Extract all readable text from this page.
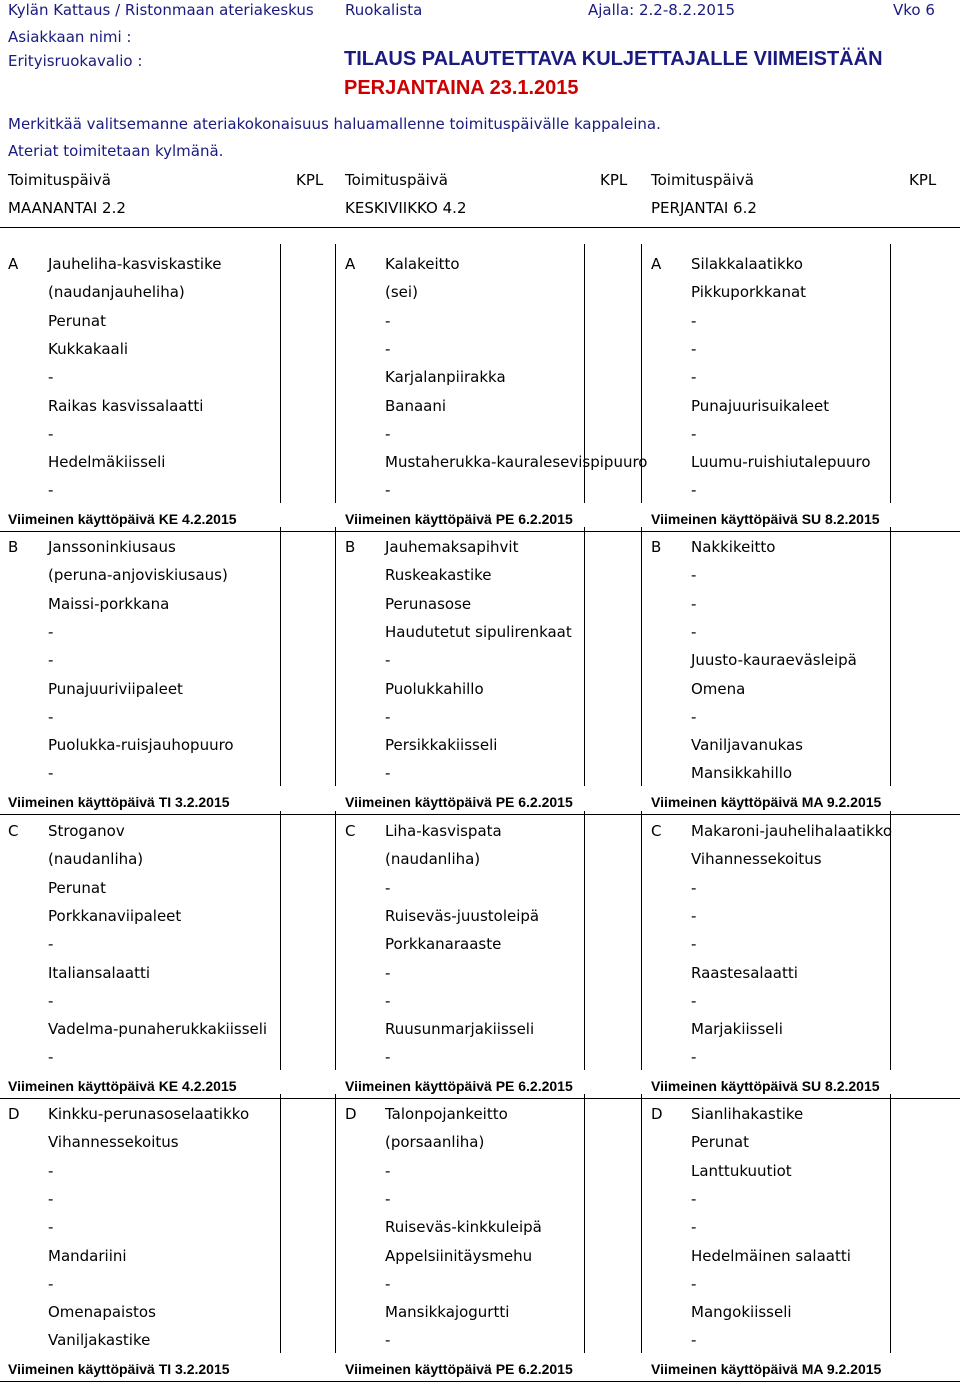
Kylän Kattaus / Ristonmaan ateriakeskus Ruokalista	Ajalla: 2.2-8.2.2015	Vko 6
Asiakkaan nimi :
Erityisruokavalio :	TILAUS PALAUTETTAVA KULJETTAJALLE VIIMEISTÄÄN
PERJANTAINA 23.1.2015
Merkitkää valitsemanne ateriakokonaisuus haluamallenne toimituspäivälle kappaleina.
Ateriat toimitetaan kylmänä.
Toimituspäivä	KPL
MAANANTAI 2.2
Toimituspäivä	KPL
KESKIVIIKKO 4.2
Toimituspäivä	KPL
PERJANTAI 6.2
A Jauheliha-kasviskastike
(naudanjauheliha)
Perunat
Kukkakaali
-
Raikas kasvissalaatti
-
Hedelmäkiisseli
-
Viimeinen käyttöpäivä KE 4.2.2015
A Kalakeitto
(sei)
-
-
Karjalanpiirakka
Banaani
-
Mustaherukka-kauralesevispipuuro
-
Viimeinen käyttöpäivä PE 6.2.2015
A Silakkalaatikko
Pikkuporkkanat
-
-
-
Punajuurisuikaleet
-
Luumu-ruishiutalepuuro
-
Viimeinen käyttöpäivä SU 8.2.2015
B Janssoninkiusaus
(peruna-anjoviskiusaus)
Maissi-porkkana
-
-
Punajuuriviipaleet
-
Puolukka-ruisjauhopuuro
-
Viimeinen käyttöpäivä TI 3.2.2015
B Jauhemaksapihvit
Ruskeakastike
Perunasose
Haudutetut sipulirenkaat
-
Puolukkahillo
-
Persikkakiisseli
-
Viimeinen käyttöpäivä PE 6.2.2015
B Nakkikeitto
-
-
-
Juusto-kauraeväsleipä
Omena
-
Vaniljavanukas
Mansikkahillo
Viimeinen käyttöpäivä MA 9.2.2015
C Stroganov
(naudanliha)
Perunat
Porkkanaviipaleet
-
Italiansalaatti
-
Vadelma-punaherukkakiisseli
-
Viimeinen käyttöpäivä KE 4.2.2015
C Liha-kasvispata
(naudanliha)
-
Ruiseväs-juustoleipä
Porkkanaraaste
-
-
Ruusunmarjakiisseli
-
Viimeinen käyttöpäivä PE 6.2.2015
C Makaroni-jauhelihalaatikko
Vihannessekoitus
-
-
-
Raastesalaatti
-
Marjakiisseli
-
Viimeinen käyttöpäivä SU 8.2.2015
D Kinkku-perunasoselaatikko
Vihannessekoitus
-
-
-
Mandariini
-
Omenapaistos
Vaniljakastike
Viimeinen käyttöpäivä TI 3.2.2015
D Talonpojankeitto
(porsaanliha)
-
-
Ruiseväs-kinkkuleipä
Appelsiinitäysmehu
-
Mansikkajogurtti
-
Viimeinen käyttöpäivä PE 6.2.2015
D Sianlihakastike
Perunat
Lanttukuutiot
-
-
Hedelmäinen salaatti
-
Mangokiisseli
-
Viimeinen käyttöpäivä MA 9.2.2015
